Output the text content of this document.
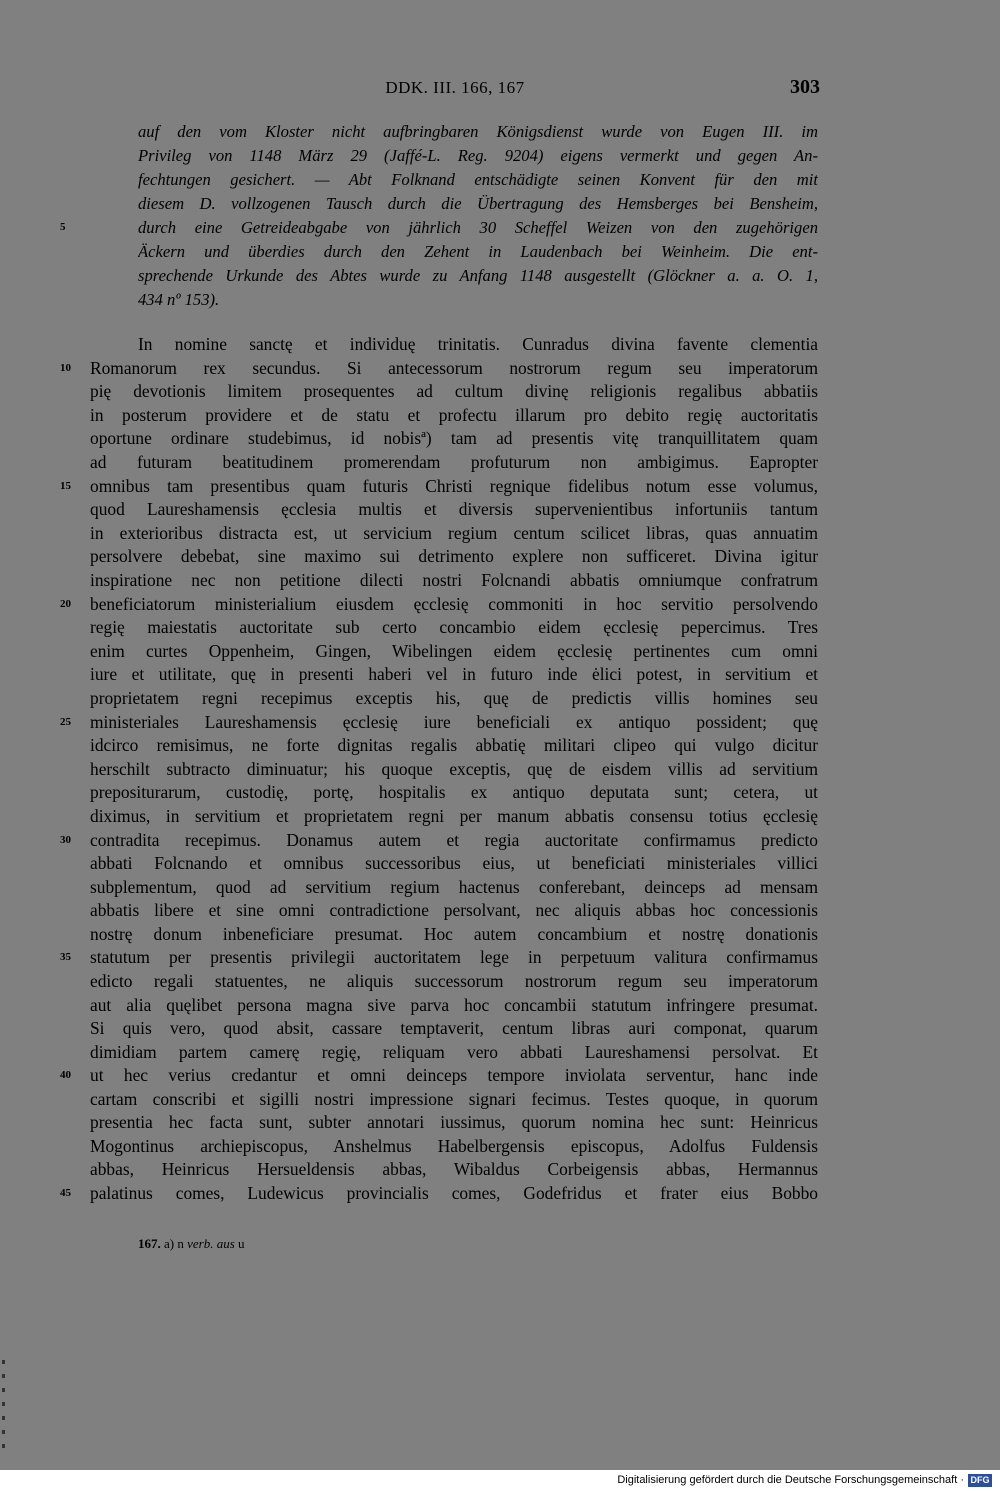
DDK. III. 166, 167	303
auf den vom Kloster nicht aufbringbaren Königsdienst wurde von Eugen III. im
Privileg von 1148 März 29 (Jaffé-L. Reg. 9204) eigens vermerkt und gegen An-
fechtungen gesichert. — Abt Folknand entschädigte seinen Konvent für den mit
diesem D. vollzogenen Tausch durch die Übertragung des Hemsberges bei Bensheim,
durch eine Getreideabgabe von jährlich 30 Scheffel Weizen von den zugehörigen
Äckern und überdies durch den Zehent in Laudenbach bei Weinheim. Die ent-
sprechende Urkunde des Abtes wurde zu Anfang 1148 ausgestellt (Glöckner a. a. O. 1,
434 nº 153).
5
10
15
20
25
30
35
40
45
In nomine sanctę et individuę trinitatis. Cunradus divina favente clementia
Romanorum rex secundus. Si antecessorum nostrorum regum seu imperatorum
pię devotionis limitem prosequentes ad cultum divinę religionis regalibus abbatiis
in posterum providere et de statu et profectu illarum pro debito regię auctoritatis
oportune ordinare studebimus, id nobisª) tam ad presentis vitę tranquillitatem quam
ad futuram beatitudinem promerendam profuturum non ambigimus. Eapropter
omnibus tam presentibus quam futuris Christi regnique fidelibus notum esse volumus,
quod Laureshamensis ęcclesia multis et diversis supervenientibus infortuniis tantum
in exterioribus distracta est, ut servicium regium centum scilicet libras, quas annuatim
persolvere debebat, sine maximo sui detrimento explere non sufficeret. Divina igitur
inspiratione nec non petitione dilecti nostri Folcnandi abbatis omniumque confratrum
beneficiatorum ministerialium eiusdem ęcclesię commoniti in hoc servitio persolvendo
regię maiestatis auctoritate sub certo concambio eidem ęcclesię pepercimus. Tres
enim curtes Oppenheim, Gingen, Wibelingen eidem ęcclesię pertinentes cum omni
iure et utilitate, quę in presenti haberi vel in futuro inde ėlici potest, in servitium et
proprietatem regni recepimus exceptis his, quę de predictis villis homines seu
ministeriales Laureshamensis ęcclesię iure beneficiali ex antiquo possident; quę
idcirco remisimus, ne forte dignitas regalis abbatię militari clipeo qui vulgo dicitur
herschilt subtracto diminuatur; his quoque exceptis, quę de eisdem villis ad servitium
prepositurarum, custodię, portę, hospitalis ex antiquo deputata sunt; cetera, ut
diximus, in servitium et proprietatem regni per manum abbatis consensu totius ęcclesię
contradita recepimus. Donamus autem et regia auctoritate confirmamus predicto
abbati Folcnando et omnibus successoribus eius, ut beneficiati ministeriales villici
subplementum, quod ad servitium regium hactenus conferebant, deinceps ad mensam
abbatis libere et sine omni contradictione persolvant, nec aliquis abbas hoc concessionis
nostrę donum inbeneficiare presumat. Hoc autem concambium et nostrę donationis
statutum per presentis privilegii auctoritatem lege in perpetuum valitura confirmamus
edicto regali statuentes, ne aliquis successorum nostrorum regum seu imperatorum
aut alia quęlibet persona magna sive parva hoc concambii statutum infringere presumat.
Si quis vero, quod absit, cassare temptaverit, centum libras auri componat, quarum
dimidiam partem camerę regię, reliquam vero abbati Laureshamensi persolvat. Et
ut hec verius credantur et omni deinceps tempore inviolata serventur, hanc inde
cartam conscribi et sigilli nostri impressione signari fecimus. Testes quoque, in quorum
presentia hec facta sunt, subter annotari iussimus, quorum nomina hec sunt: Heinricus
Mogontinus archiepiscopus, Anshelmus Habelbergensis episcopus, Adolfus Fuldensis
abbas, Heinricus Hersueldensis abbas, Wibaldus Corbeigensis abbas, Hermannus
palatinus comes, Ludewicus provincialis comes, Godefridus et frater eius Bobbo
167. a) n verb. aus u
Digitalisierung gefördert durch die Deutsche Forschungsgemeinschaft · DFG
